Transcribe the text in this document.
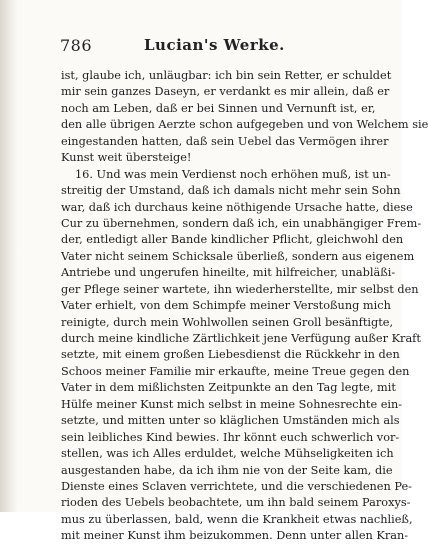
786	Lucian's Werke.
ist, glaube ich, unläugbar: ich bin sein Retter, er schuldet
mir sein ganzes Daseyn, er verdankt es mir allein, daß er
noch am Leben, daß er bei Sinnen und Vernunft ist, er,
den alle übrigen Aerzte schon aufgegeben und von Welchem sie
eingestanden hatten, daß sein Uebel das Vermögen ihrer
Kunst weit übersteige!
16. Und was mein Verdienst noch erhöhen muß, ist un-
streitig der Umstand, daß ich damals nicht mehr sein Sohn
war, daß ich durchaus keine nöthigende Ursache hatte, diese
Cur zu übernehmen, sondern daß ich, ein unabhängiger Frem-
der, entledigt aller Bande kindlicher Pflicht, gleichwohl den
Vater nicht seinem Schicksale überließ, sondern aus eigenem
Antriebe und ungerufen hineilte, mit hilfreicher, unabläßi-
ger Pflege seiner wartete, ihn wiederherstellte, mir selbst den
Vater erhielt, von dem Schimpfe meiner Verstoßung mich
reinigte, durch mein Wohlwollen seinen Groll besänftigte,
durch meine kindliche Zärtlichkeit jene Verfügung außer Kraft
setzte, mit einem großen Liebesdienst die Rückkehr in den
Schoos meiner Familie mir erkaufte, meine Treue gegen den
Vater in dem mißlichsten Zeitpunkte an den Tag legte, mit
Hülfe meiner Kunst mich selbst in meine Sohnesrechte ein-
setzte, und mitten unter so kläglichen Umständen mich als
sein leibliches Kind bewies. Ihr könnt euch schwerlich vor-
stellen, was ich Alles erduldet, welche Mühseligkeiten ich
ausgestanden habe, da ich ihm nie von der Seite kam, die
Dienste eines Sclaven verrichtete, und die verschiedenen Pe-
rioden des Uebels beobachtete, um ihn bald seinem Paroxys-
mus zu überlassen, bald, wenn die Krankheit etwas nachließ,
mit meiner Kunst ihm beizukommen. Denn unter allen Kran-
